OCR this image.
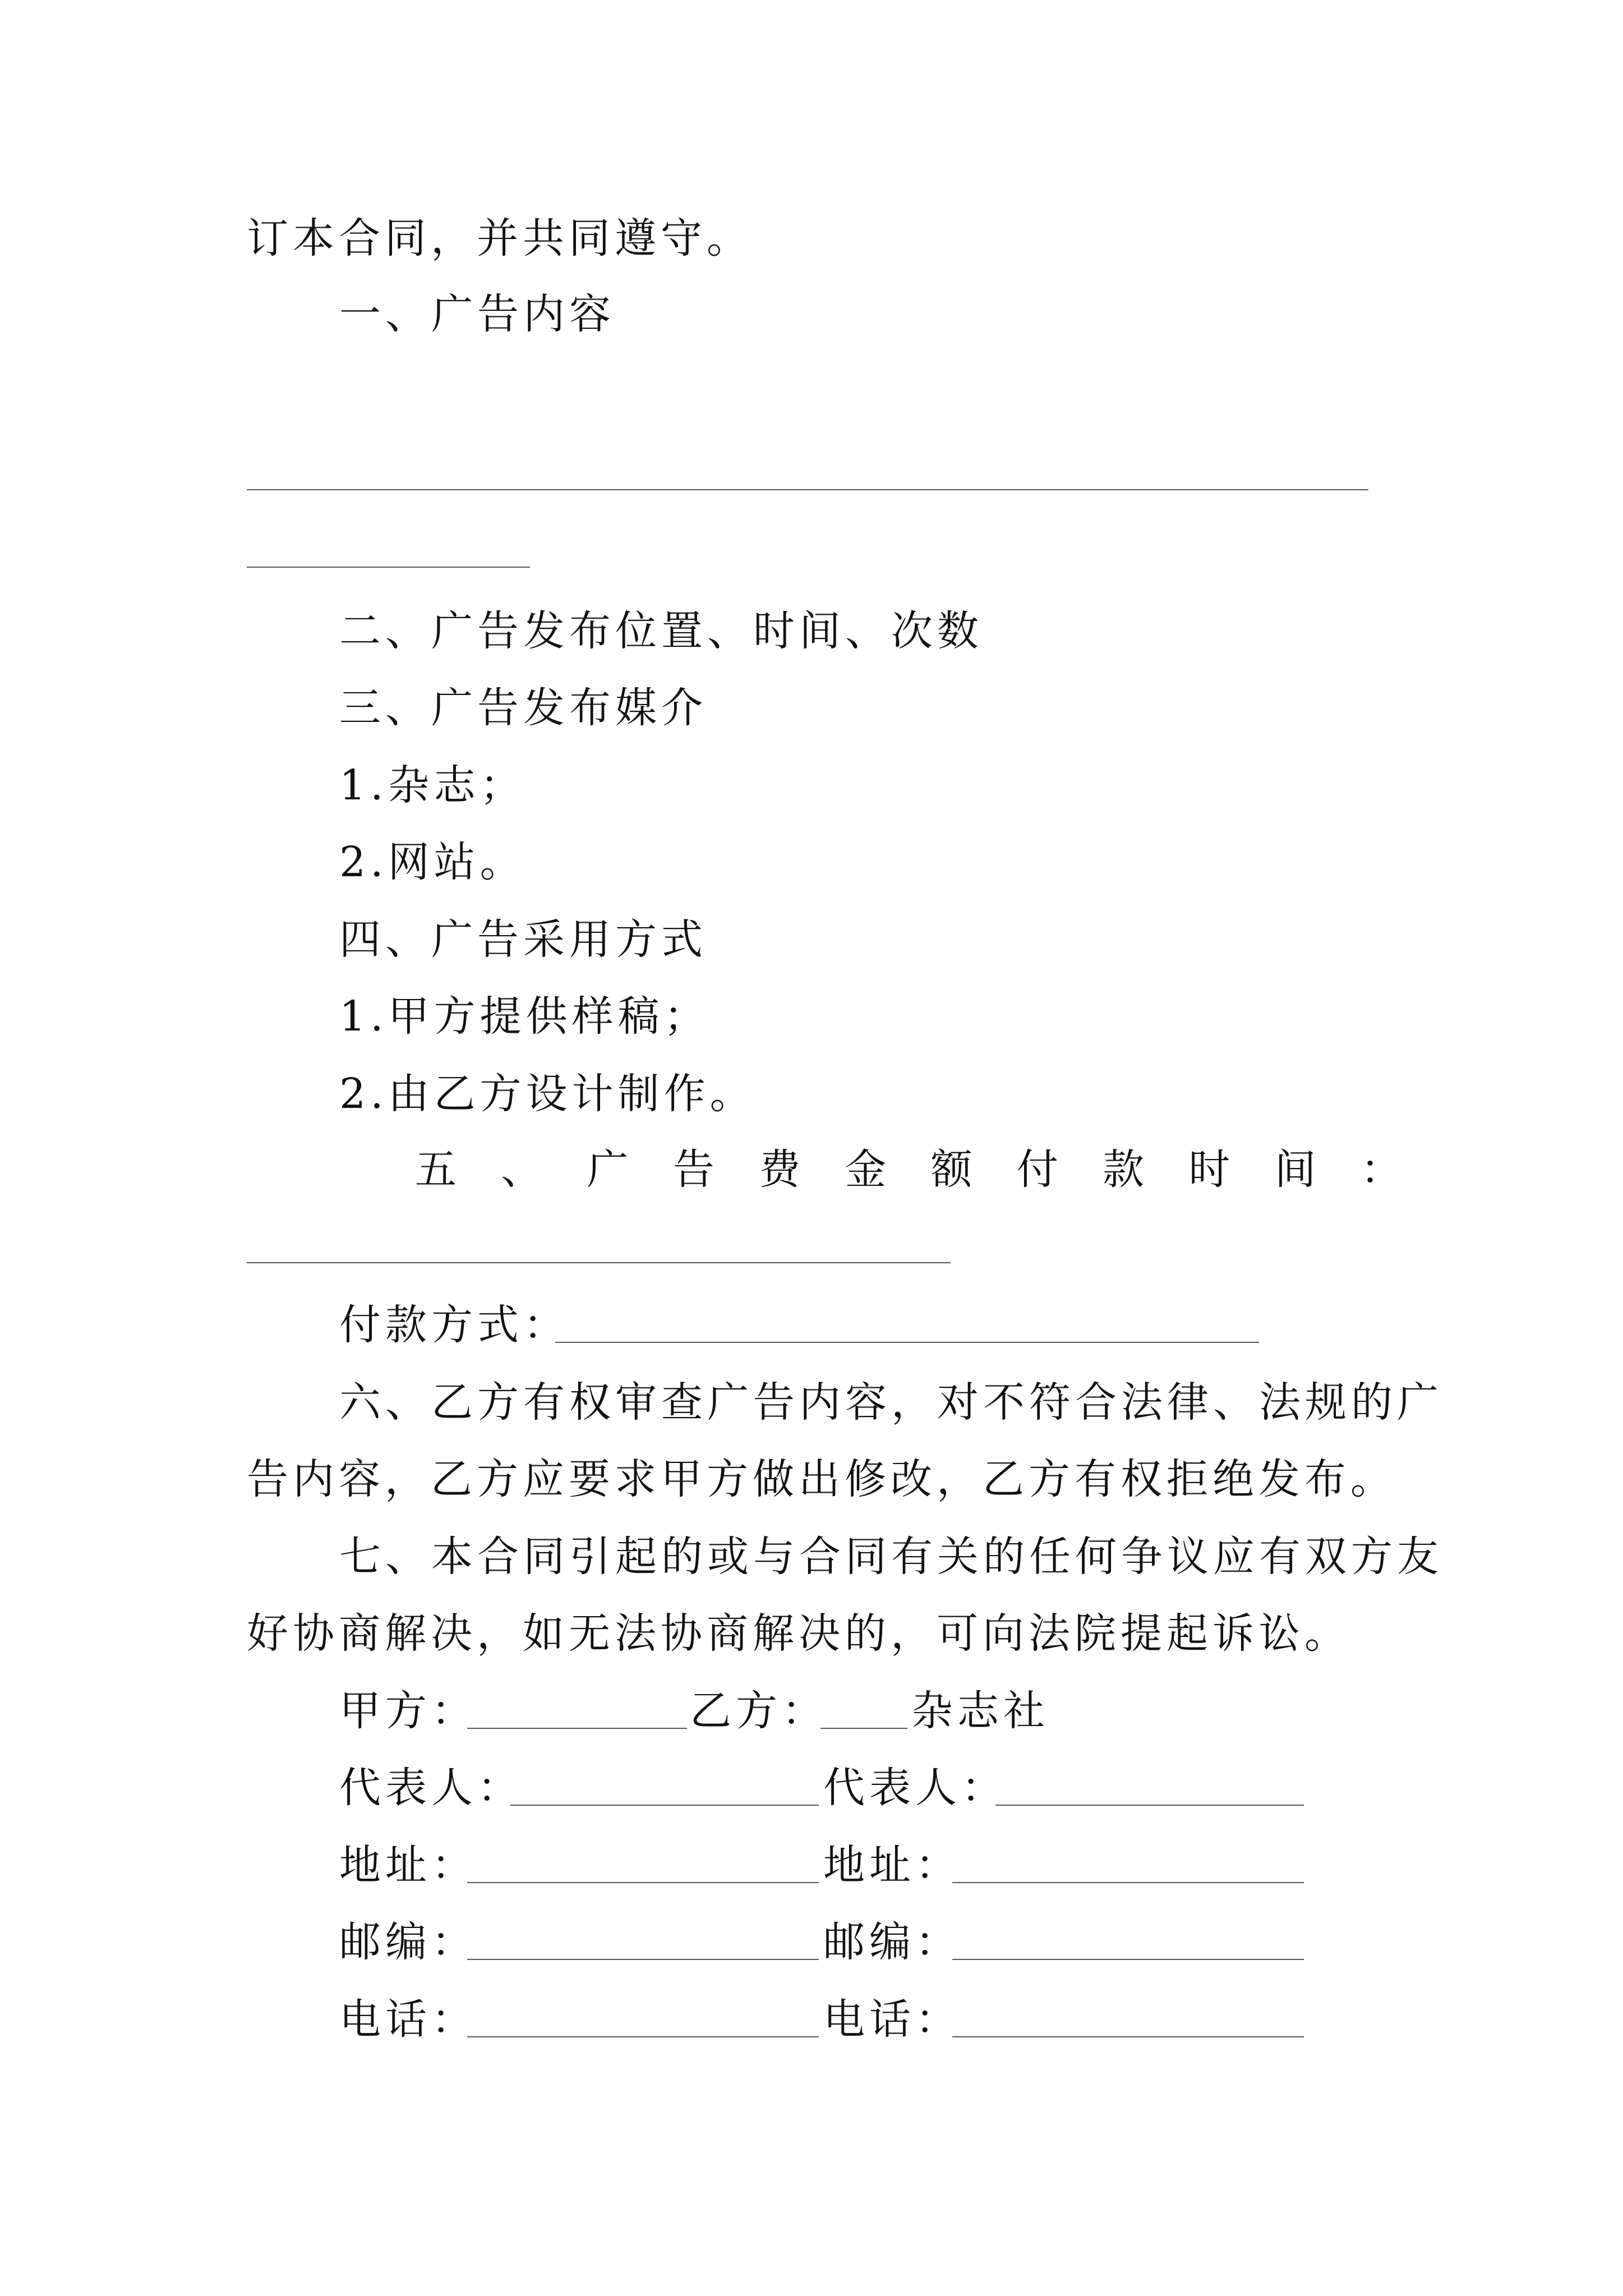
订本合同，并共同遵守。
一、广告内容
二、广告发布位置、时间、次数
三、广告发布媒介
1.杂志；
2.网站。
四、广告采用方式
1.甲方提供样稿；
2.由乙方设计制作。
五 、 广 告 费 金 额 付 款 时 间 ：
付款方式：
六、乙方有权审查广告内容，对不符合法律、法规的广
告内容，乙方应要求甲方做出修改，乙方有权拒绝发布。
七、本合同引起的或与合同有关的任何争议应有双方友
好协商解决，如无法协商解决的，可向法院提起诉讼。
甲方：	乙方： 杂志社
代表人：	代表人：
地址：	地址：
邮编：	邮编：
电话：	电话：
